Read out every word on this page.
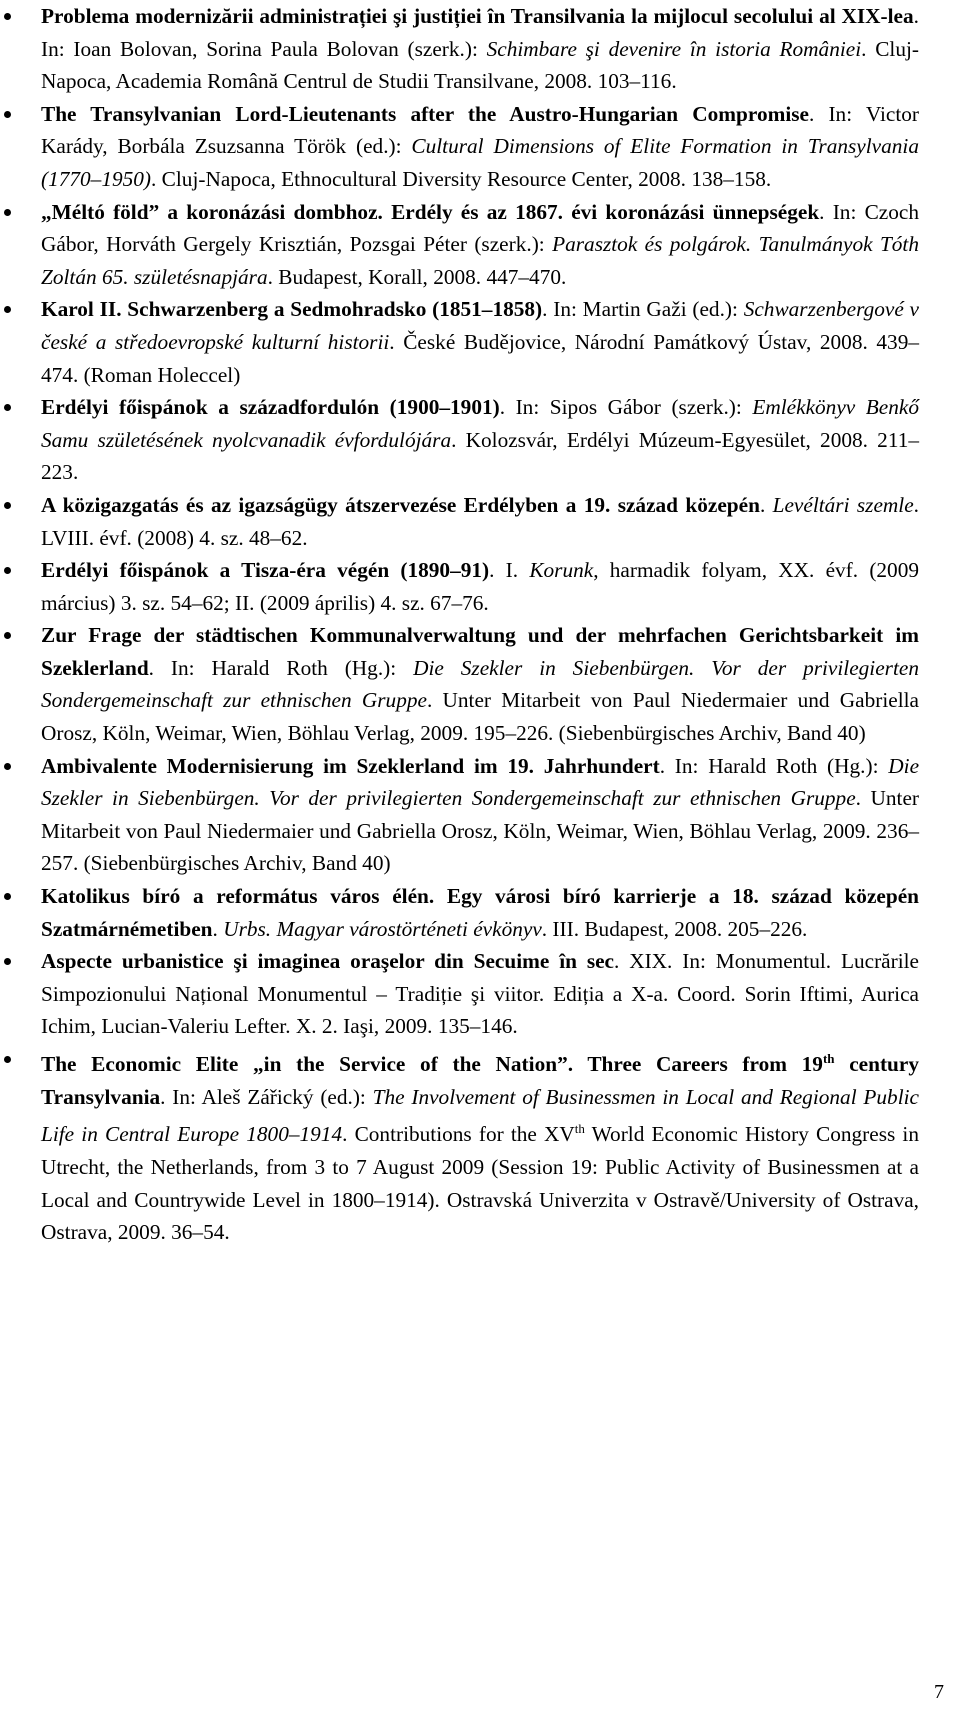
Problema modernizării administrației şi justiției în Transilvania la mijlocul secolului al XIX-lea. In: Ioan Bolovan, Sorina Paula Bolovan (szerk.): Schimbare şi devenire în istoria României. Cluj-Napoca, Academia Română Centrul de Studii Transilvane, 2008. 103–116.
The Transylvanian Lord-Lieutenants after the Austro-Hungarian Compromise. In: Victor Karády, Borbála Zsuzsanna Török (ed.): Cultural Dimensions of Elite Formation in Transylvania (1770–1950). Cluj-Napoca, Ethnocultural Diversity Resource Center, 2008. 138–158.
„Méltó föld” a koronázási dombhoz. Erdély és az 1867. évi koronázási ünnepségek. In: Czoch Gábor, Horváth Gergely Krisztián, Pozsgai Péter (szerk.): Parasztok és polgárok. Tanulmányok Tóth Zoltán 65. születésnapjára. Budapest, Korall, 2008. 447–470.
Karol II. Schwarzenberg a Sedmohradsko (1851–1858). In: Martin Gaži (ed.): Schwarzenbergové v české a středoevropské kulturní historii. České Budějovice, Národní Památkový Ústav, 2008. 439–474. (Roman Holeccel)
Erdélyi főispánok a századfordulón (1900–1901). In: Sipos Gábor (szerk.): Emlékkönyv Benkő Samu születésének nyolcvanadik évfordulójára. Kolozsvár, Erdélyi Múzeum-Egyesület, 2008. 211–223.
A közigazgatás és az igazságügy átszervezése Erdélyben a 19. század közepén. Levéltári szemle. LVIII. évf. (2008) 4. sz. 48–62.
Erdélyi főispánok a Tisza-éra végén (1890–91). I. Korunk, harmadik folyam, XX. évf. (2009 március) 3. sz. 54–62; II. (2009 április) 4. sz. 67–76.
Zur Frage der städtischen Kommunalverwaltung und der mehrfachen Gerichtsbarkeit im Szeklerland. In: Harald Roth (Hg.): Die Szekler in Siebenbürgen. Vor der privilegierten Sondergemeinschaft zur ethnischen Gruppe. Unter Mitarbeit von Paul Niedermaier und Gabriella Orosz, Köln, Weimar, Wien, Böhlau Verlag, 2009. 195–226. (Siebenbürgisches Archiv, Band 40)
Ambivalente Modernisierung im Szeklerland im 19. Jahrhundert. In: Harald Roth (Hg.): Die Szekler in Siebenbürgen. Vor der privilegierten Sondergemeinschaft zur ethnischen Gruppe. Unter Mitarbeit von Paul Niedermaier und Gabriella Orosz, Köln, Weimar, Wien, Böhlau Verlag, 2009. 236–257. (Siebenbürgisches Archiv, Band 40)
Katolikus bíró a református város élén. Egy városi bíró karrierje a 18. század közepén Szatmárnémetiben. Urbs. Magyar várostörténeti évkönyv. III. Budapest, 2008. 205–226.
Aspecte urbanistice şi imaginea oraşelor din Secuime în sec. XIX. In: Monumentul. Lucrările Simpozionului Național Monumentul – Tradiție şi viitor. Ediția a X-a. Coord. Sorin Iftimi, Aurica Ichim, Lucian-Valeriu Lefter. X. 2. Iaşi, 2009. 135–146.
The Economic Elite „in the Service of the Nation”. Three Careers from 19th century Transylvania. In: Aleš Zářický (ed.): The Involvement of Businessmen in Local and Regional Public Life in Central Europe 1800–1914. Contributions for the XVth World Economic History Congress in Utrecht, the Netherlands, from 3 to 7 August 2009 (Session 19: Public Activity of Businessmen at a Local and Countrywide Level in 1800–1914). Ostravská Univerzita v Ostravě/University of Ostrava, Ostrava, 2009. 36–54.
7
